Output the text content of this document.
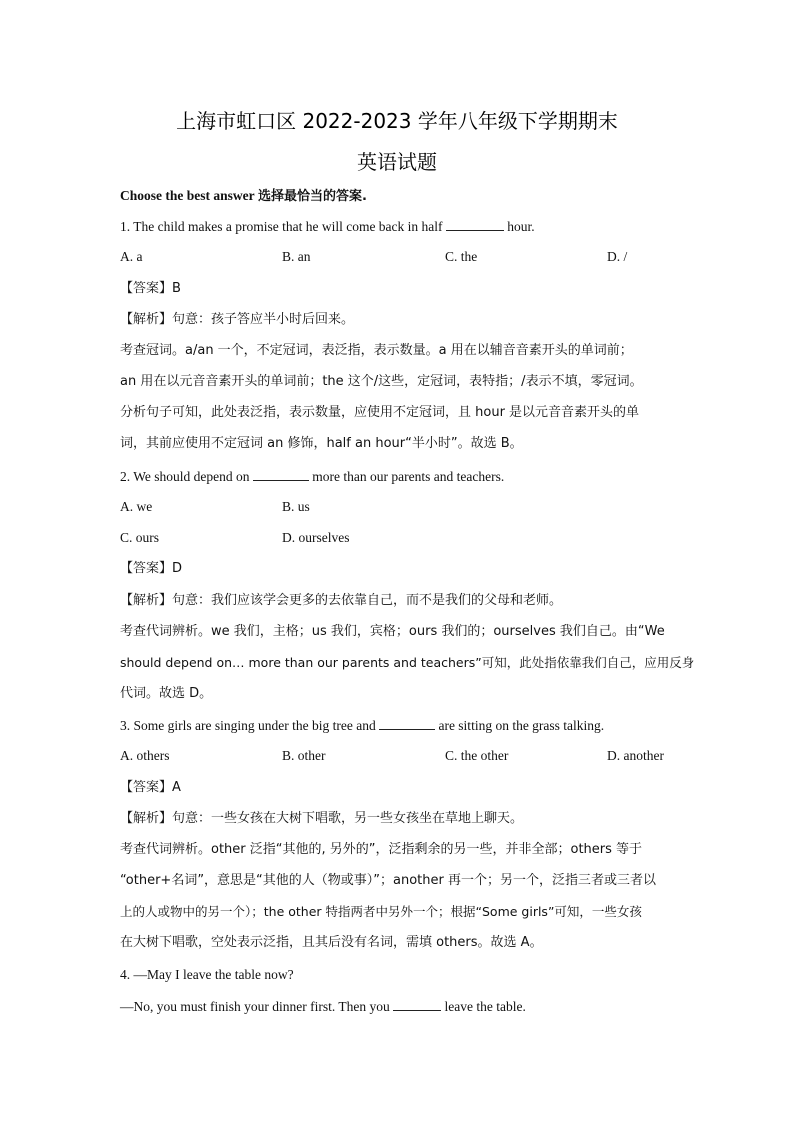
上海市虹口区 2022-2023 学年八年级下学期期末
英语试题
Choose the best answer 选择最恰当的答案.
1. The child makes a promise that he will come back in half	hour.
A. a	B. an	C. the	D. /
【答案】B
【解析】句意：孩子答应半小时后回来。
考查冠词。a/an 一个，不定冠词，表泛指，表示数量。a 用在以辅音音素开头的单词前；
an 用在以元音音素开头的单词前；the 这个/这些，定冠词，表特指；/表示不填，零冠词。
分析句子可知，此处表泛指，表示数量，应使用不定冠词，且 hour 是以元音音素开头的单
词，其前应使用不定冠词 an 修饰，half an hour“半小时”。故选 B。
2. We should depend on	more than our parents and teachers.
A. we	B. us
C. ours	D. ourselves
【答案】D
【解析】句意：我们应该学会更多的去依靠自己，而不是我们的父母和老师。
考查代词辨析。we 我们，主格；us 我们，宾格；ours 我们的；ourselves 我们自己。由“We
should depend on… more than our parents and teachers”可知，此处指依靠我们自己，应用反身
代词。故选 D。
3. Some girls are singing under the big tree and	are sitting on the grass talking.
A. others	B. other	C. the other	D. another
【答案】A
【解析】句意：一些女孩在大树下唱歌，另一些女孩坐在草地上聊天。
考查代词辨析。other 泛指“其他的, 另外的”，泛指剩余的另一些，并非全部；others 等于
“other+名词”，意思是“其他的人（物或事）”；another 再一个；另一个，泛指三者或三者以
上的人或物中的另一个）；the other 特指两者中另外一个；根据“Some girls”可知，一些女孩
在大树下唱歌，空处表示泛指，且其后没有名词，需填 others。故选 A。
4. —May I leave the table now?
—No, you must finish your dinner first. Then you	leave the table.
